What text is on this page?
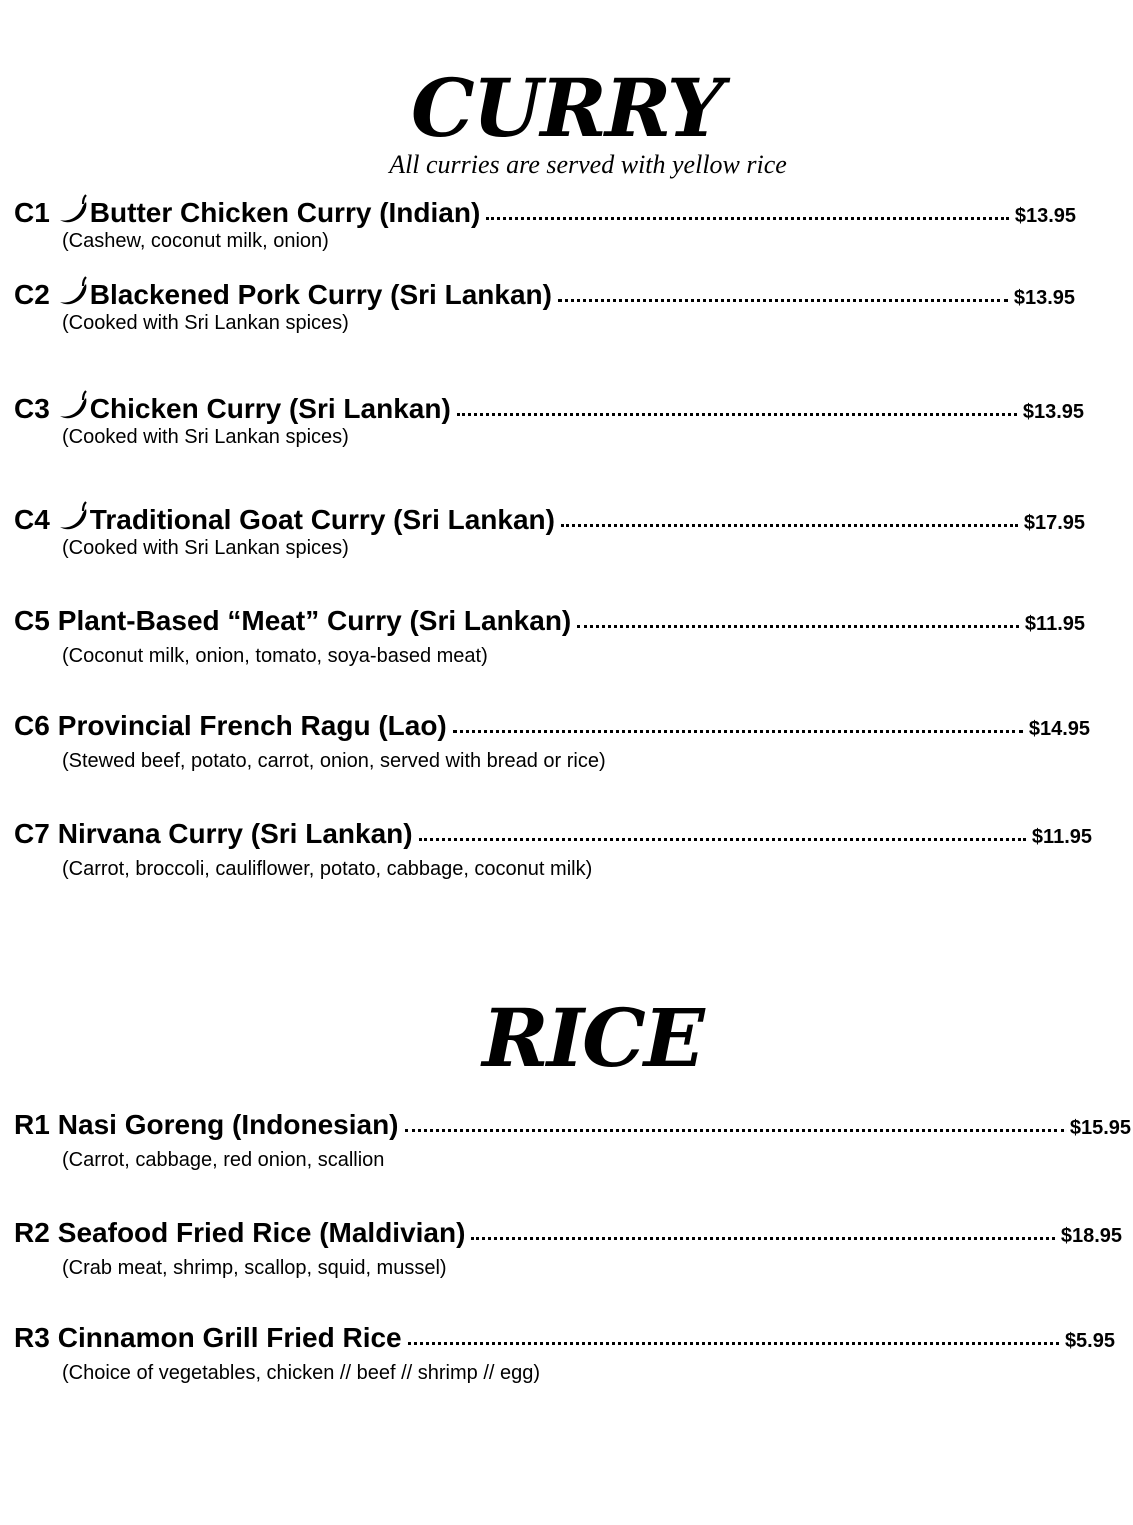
CURRY
All curries are served with yellow rice
C1 Butter Chicken Curry (Indian)	$13.95
(Cashew, coconut milk, onion)
C2 Blackened Pork Curry (Sri Lankan)	$13.95
(Cooked with Sri Lankan spices)
C3 Chicken Curry (Sri Lankan)	$13.95
(Cooked with Sri Lankan spices)
C4 Traditional Goat Curry (Sri Lankan)	$17.95
(Cooked with Sri Lankan spices)
C5 Plant-Based “Meat” Curry (Sri Lankan)	$11.95
(Coconut milk, onion, tomato, soya-based meat)
C6 Provincial French Ragu (Lao)	$14.95
(Stewed beef, potato, carrot, onion, served with bread or rice)
C7 Nirvana Curry (Sri Lankan)	$11.95
(Carrot, broccoli, cauliflower, potato, cabbage, coconut milk)
RICE
R1 Nasi Goreng (Indonesian)	$15.95
(Carrot, cabbage, red onion, scallion
R2 Seafood Fried Rice (Maldivian)	$18.95
(Crab meat, shrimp, scallop, squid, mussel)
R3 Cinnamon Grill Fried Rice	$5.95
(Choice of vegetables, chicken // beef // shrimp // egg)
